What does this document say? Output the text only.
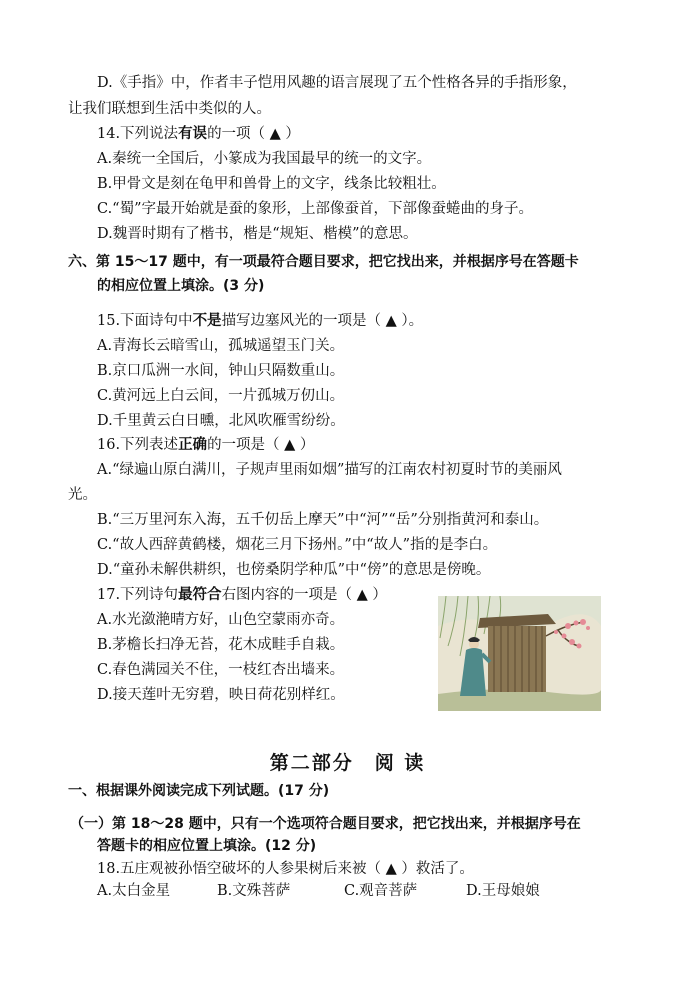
D.《手指》中，作者丰子恺用风趣的语言展现了五个性格各异的手指形象，
让我们联想到生活中类似的人。
14.下列说法有误的一项（ ▲ ）
A.秦统一全国后，小篆成为我国最早的统一的文字。
B.甲骨文是刻在龟甲和兽骨上的文字，线条比较粗壮。
C.“蜀”字最开始就是蚕的象形，上部像蚕首，下部像蚕蜷曲的身子。
D.魏晋时期有了楷书，楷是“规矩、楷模”的意思。
六、第 15～17 题中，有一项最符合题目要求，把它找出来，并根据序号在答题卡
的相应位置上填涂。(3 分)
15.下面诗句中不是描写边塞风光的一项是（ ▲ ）。
A.青海长云暗雪山，孤城遥望玉门关。
B.京口瓜洲一水间，钟山只隔数重山。
C.黄河远上白云间，一片孤城万仞山。
D.千里黄云白日曛，北风吹雁雪纷纷。
16.下列表述正确的一项是（ ▲ ）
A.“绿遍山原白满川，子规声里雨如烟”描写的江南农村初夏时节的美丽风
光。
B.“三万里河东入海，五千仞岳上摩天”中“河”“岳”分别指黄河和泰山。
C.“故人西辞黄鹤楼，烟花三月下扬州。”中“故人”指的是李白。
D.“童孙未解供耕织，也傍桑阴学种瓜”中“傍”的意思是傍晚。
17.下列诗句最符合右图内容的一项是（ ▲ ）
A.水光潋滟晴方好，山色空蒙雨亦奇。
B.茅檐长扫净无苔，花木成畦手自栽。
C.春色满园关不住，一枝红杏出墙来。
D.接天莲叶无穷碧，映日荷花别样红。
第二部分　阅 读
一、根据课外阅读完成下列试题。(17 分)
（一）第 18～28 题中，只有一个选项符合题目要求，把它找出来，并根据序号在
答题卡的相应位置上填涂。(12 分)
18.五庄观被孙悟空破坏的人参果树后来被（ ▲ ）救活了。
A.太白金星	B.文殊菩萨	C.观音菩萨	D.王母娘娘
